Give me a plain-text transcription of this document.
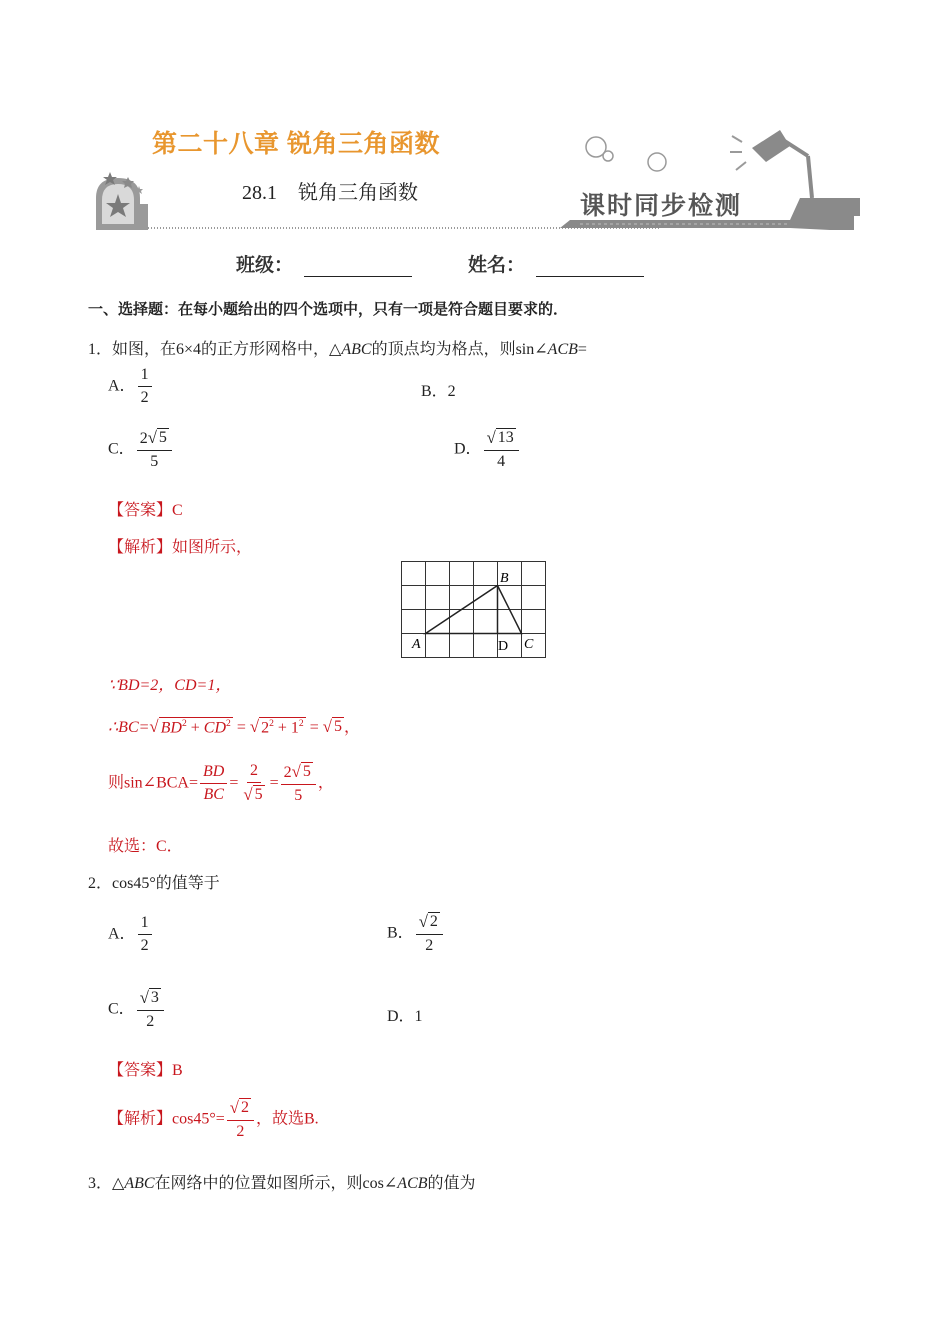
第二十八章 锐角三角函数
28.1 锐角三角函数	课时同步检测
班级：	姓名：
一、选择题：在每小题给出的四个选项中，只有一项是符合题目要求的．
1．如图，在6×4的正方形网格中，△ABC的顶点均为格点，则sin∠ACB=
A． $\frac{1}{2}$	B．2
C． $\frac{2 √ 5}{5}$	D． $\frac{√ 13}{4}$
【答案】C
【解析】如图所示，
A
B
C
D
∵BD=2，CD=1，
∴BC= √ $BD^2 + CD^2$ = √ $2^2 + 1^2$ = √ 5 ，
则sin∠BCA= $\frac{BD}{BC} = \frac{2}{√ 5} = \frac{2 √ 5}{5}$ ，
故选：C．
2．cos45°的值等于
A． $\frac{1}{2}$	B． $\frac{√ 2}{2}$
C． $\frac{√ 3}{2}$	D．1
【答案】B
【解析】$\cos 45^\circ= \frac{√ 2}{2}$ ，故选B.
3．△ABC在网络中的位置如图所示，则cos∠ACB的值为
